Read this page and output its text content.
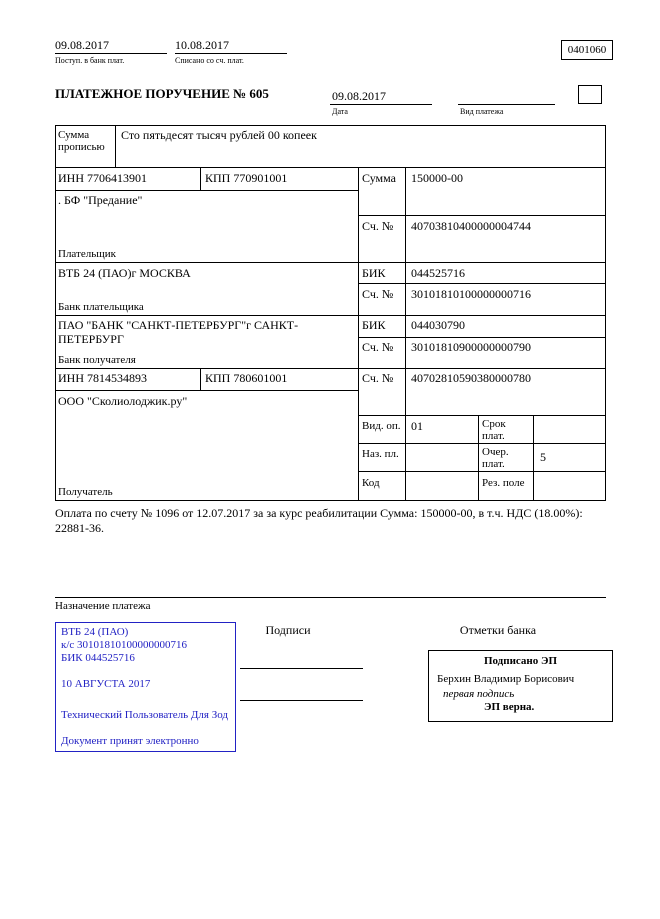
09.08.2017
Поступ. в банк плат.
10.08.2017
Списано со сч. плат.
0401060
ПЛАТЕЖНОЕ ПОРУЧЕНИЕ № 605	09.08.2017
Дата	Вид платежа
Сумма прописью
Сто пятьдесят тысяч рублей 00 копеек
ИНН 7706413901	КПП 770901001	Сумма 150000-00
. БФ "Предание"
Сч. № 40703810400000004744
Плательщик
ВТБ 24 (ПАО)г МОСКВА	БИК 044525716
Сч. № 30101810100000000716
Банк плательщика
ПАО "БАНК "САНКТ-ПЕТЕРБУРГ"г САНКТ-ПЕТЕРБУРГ
БИК 044030790
Сч. № 30101810900000000790
Банк получателя
ИНН 7814534893	КПП 780601001	Сч. № 40702810590380000780
ООО "Сколиолоджик.ру"
Вид. оп. 01	Срок плат.
Наз. пл.	Очер. плат.	5
Код	Рез. поле
Получатель
Оплата по счету № 1096 от 12.07.2017 за за курс реабилитации Сумма: 150000-00, в т.ч. НДС (18.00%): 22881-36.
Назначение платежа
ВТБ 24 (ПАО)
к/с 30101810100000000716
БИК 044525716
10 АВГУСТА 2017
Технический Пользователь Для Зод
Документ принят электронно
Подписи	Отметки банка
Подписано ЭП
Берхин Владимир Борисович
первая подпись
ЭП верна.
